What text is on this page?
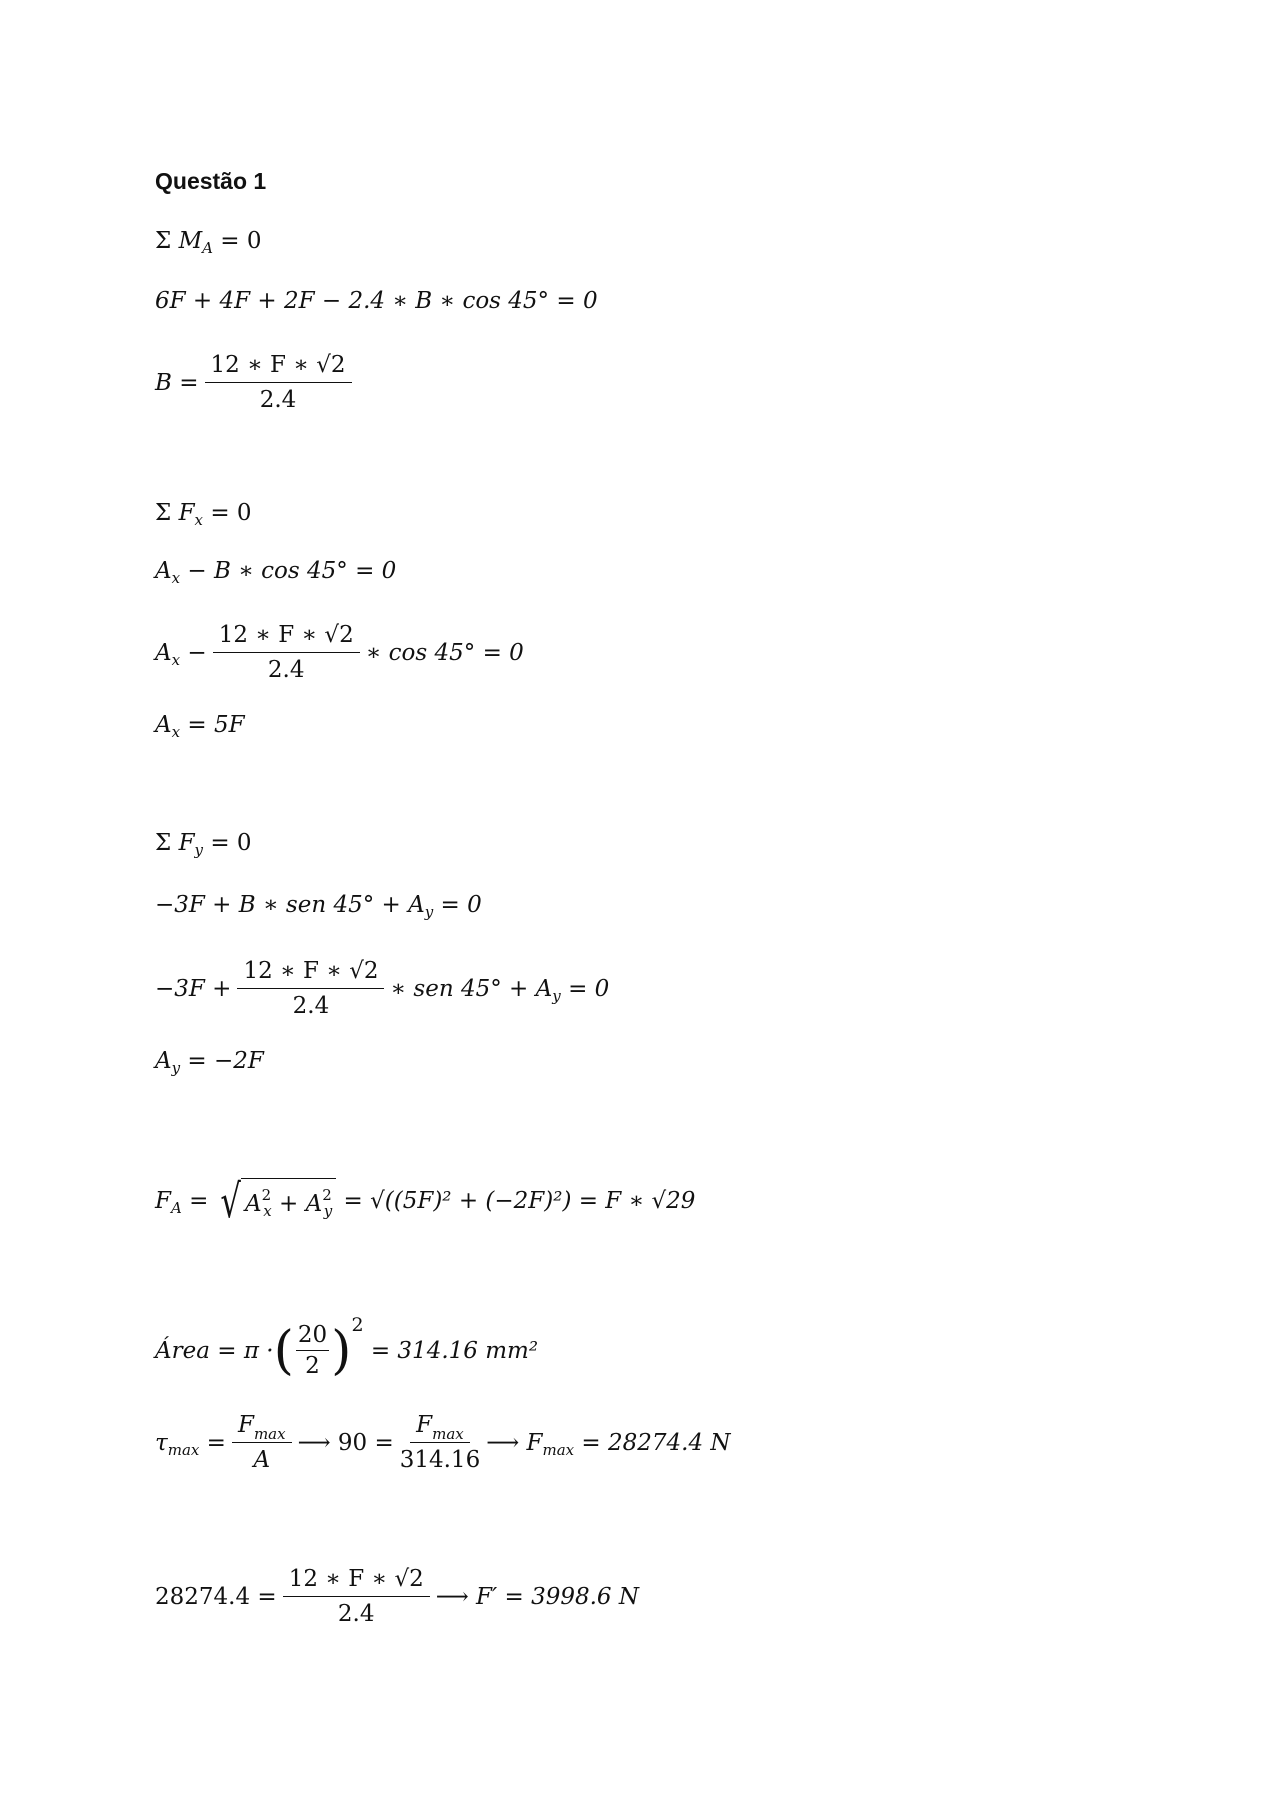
Questão 1
Σ
M A
= 0
6F + 4F + 2F − 2.4 ∗ B ∗ cos 45° = 0
$B = \frac{12 ∗ F ∗ √2}{2.4}$
Σ
F x
= 0
A x
− B ∗ cos 45° = 0
A $x - \frac{12 ∗ F ∗ √2}{2.4}$ ∗ cos 45° = 0
A x
= 5F
Σ
F y
= 0
−3F + B ∗ sen 45° +
A y
= 0
$-3F + \frac{12 ∗ F ∗ √2}{2.4}$ ∗ sen 45° +
A y
= 0
A y
= −2F
F A = √ A $^2$
x + A $^2$
y
= √((5F)² + (−2F)²) = F ∗ √29
Área = π · ( $\frac{20}{2}$ ) 2

= 314.16 mm²
τ $\max = \frac{F_{max}}{A}$ ⟶ $90 = \frac{F_{max}}{314.16}$ ⟶ F max
= 28274.4 N
$28274.4 = \frac{12 ∗ F ∗ √2}{2.4}$ ⟶ F′ = 3998.6 N
